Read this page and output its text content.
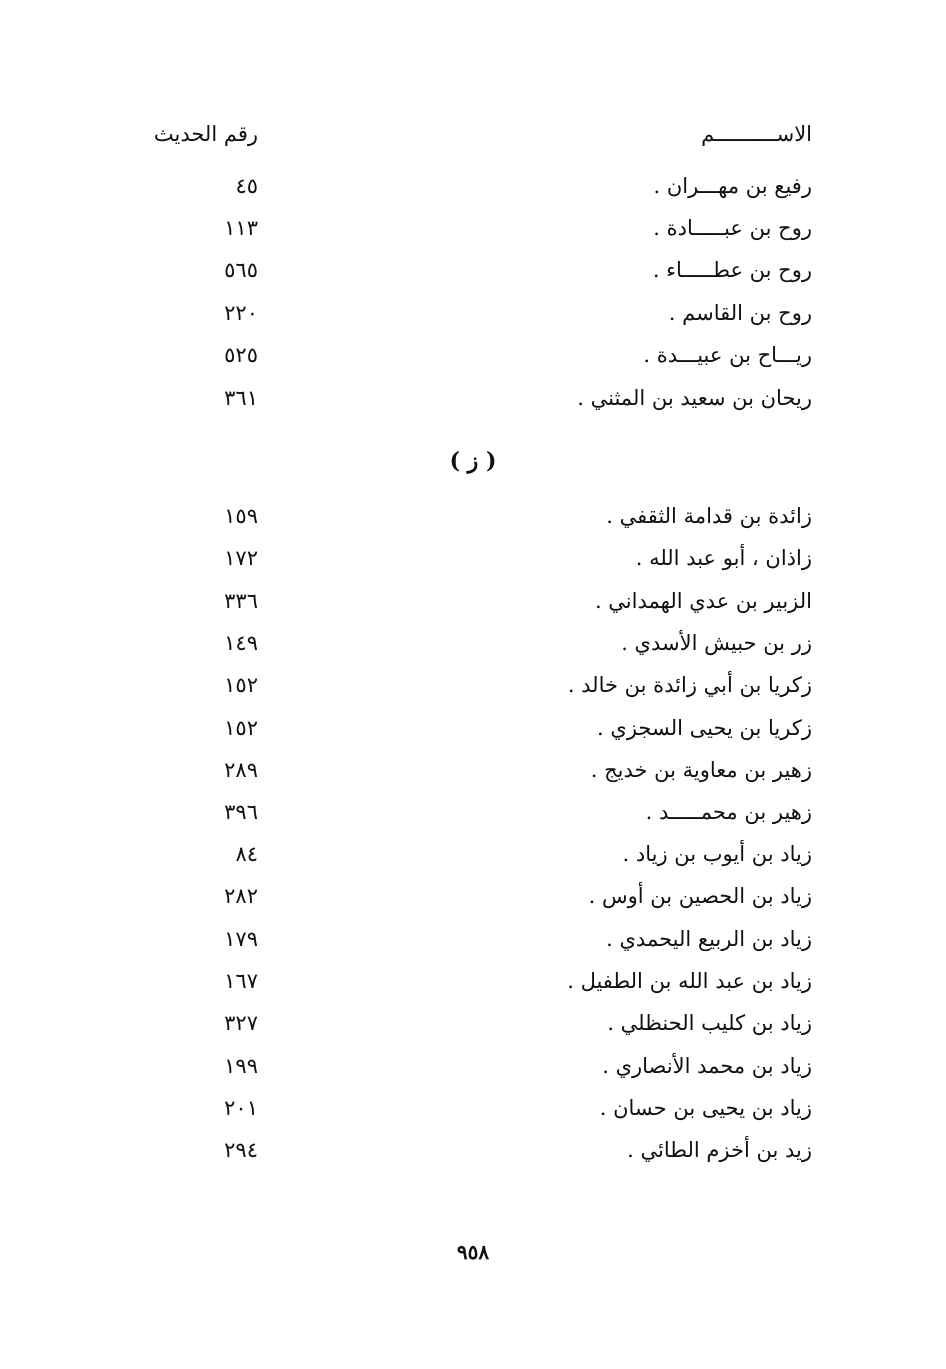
الاســــــــــم
رقم الحديث
رفيع بن مهـــران .
٤٥
روح بن عبـــــادة .
١١٣
روح بن عطـــــاء .
٥٦٥
روح بن القاسم .
٢٢٠
ريـــاح بن عبيـــدة .
٥٢٥
ريحان بن سعيد بن المثني .
٣٦١
( ز )
زائدة بن قدامة الثقفي .
١٥٩
زاذان ، أبو عبد الله .
١٧٢
الزبير بن عدي الهمداني .
٣٣٦
زر بن حبيش الأسدي .
١٤٩
زكريا بن أبي زائدة بن خالد .
١٥٢
زكريا بن يحيى السجزي .
١٥٢
زهير بن معاوية بن خديج .
٢٨٩
زهير بن محمـــــد .
٣٩٦
زياد بن أيوب بن زياد .
٨٤
زياد بن الحصين بن أوس .
٢٨٢
زياد بن الربيع اليحمدي .
١٧٩
زياد بن عبد الله بن الطفيل .
١٦٧
زياد بن كليب الحنظلي .
٣٢٧
زياد بن محمد الأنصاري .
١٩٩
زياد بن يحيى بن حسان .
٢٠١
زيد بن أخزم الطائي .
٢٩٤
٩٥٨
